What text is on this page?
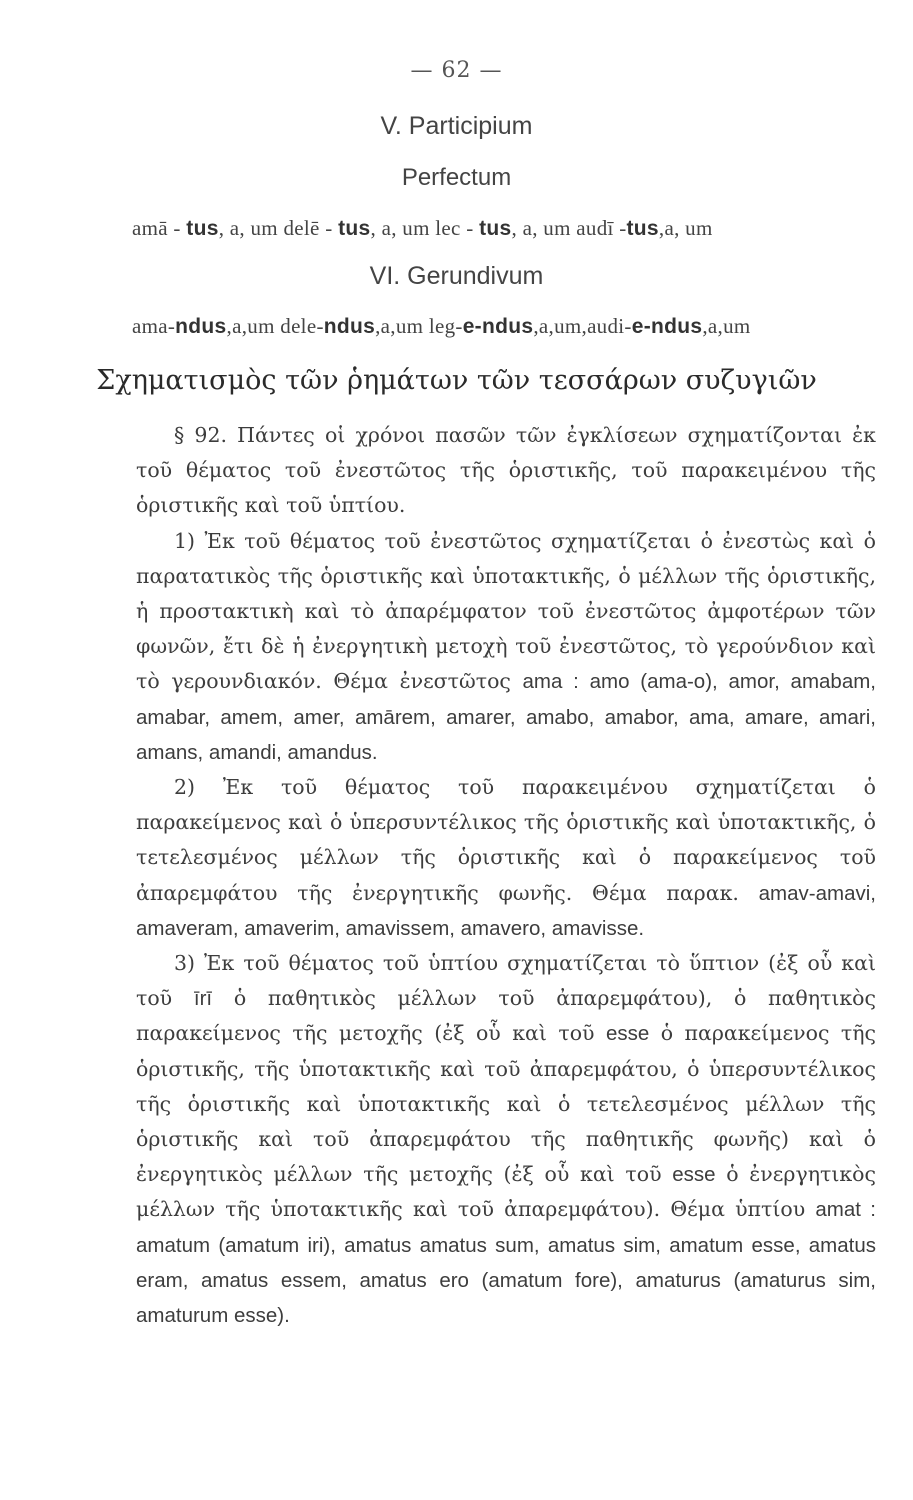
— 62 —
V. Participium
Perfectum
amā - tus, a, um delē - tus, a, um lec - tus, a, um audī -tus,a, um
VI. Gerundivum
ama-ndus,a,um dele-ndus,a,um leg-e-ndus,a,um,audi-e-ndus,a,um
Σχηματισμὸς τῶν ῥημάτων τῶν τεσσάρων συζυγιῶν

§ 92. Πάντες οἱ χρόνοι πασῶν τῶν ἐγκλίσεων σχηματίζονται ἐκ τοῦ θέματος τοῦ ἐνεστῶτος τῆς ὁριστικῆς, τοῦ παρακειμένου τῆς ὁριστικῆς καὶ τοῦ ὑπτίου.

1) Ἐκ τοῦ θέματος τοῦ ἐνεστῶτος σχηματίζεται ὁ ἐνεστὼς καὶ ὁ παρατατικὸς τῆς ὁριστικῆς καὶ ὑποτακτικῆς, ὁ μέλλων τῆς ὁριστικῆς, ἡ προστακτικὴ καὶ τὸ ἀπαρέμφατον τοῦ ἐνεστῶτος ἀμφοτέρων τῶν φωνῶν, ἔτι δὲ ἡ ἐνεργητικὴ μετοχὴ τοῦ ἐνεστῶτος, τὸ γερούνδιον καὶ τὸ γερουνδιακόν. Θέμα ἐνεστῶτος ama : amo (ama-o), amor, amabam, amabar, amem, amer, amārem, amarer, amabo, amabor, ama, amare, amari, amans, amandi, amandus.

2) Ἐκ τοῦ θέματος τοῦ παρακειμένου σχηματίζεται ὁ παρακείμενος καὶ ὁ ὑπερσυντέλικος τῆς ὁριστικῆς καὶ ὑποτακτικῆς, ὁ τετελεσμένος μέλλων τῆς ὁριστικῆς καὶ ὁ παρακείμενος τοῦ ἀπαρεμφάτου τῆς ἐνεργητικῆς φωνῆς. Θέμα παρακ. amav-amavi, amaveram, amaverim, amavissem, amavero, amavisse.

3) Ἐκ τοῦ θέματος τοῦ ὑπτίου σχηματίζεται τὸ ὕπτιον (ἐξ οὗ καὶ τοῦ īrī ὁ παθητικὸς μέλλων τοῦ ἀπαρεμφάτου), ὁ παθητικὸς παρακείμενος τῆς μετοχῆς (ἐξ οὗ καὶ τοῦ esse ὁ παρακείμενος τῆς ὁριστικῆς, τῆς ὑποτακτικῆς καὶ τοῦ ἀπαρεμφάτου, ὁ ὑπερσυντέλικος τῆς ὁριστικῆς καὶ ὑποτακτικῆς καὶ ὁ τετελεσμένος μέλλων τῆς ὁριστικῆς καὶ τοῦ ἀπαρεμφάτου τῆς παθητικῆς φωνῆς) καὶ ὁ ἐνεργητικὸς μέλλων τῆς μετοχῆς (ἐξ οὗ καὶ τοῦ esse ὁ ἐνεργητικὸς μέλλων τῆς ὑποτακτικῆς καὶ τοῦ ἀπαρεμφάτου). Θέμα ὑπτίου amat : amatum (amatum iri), amatus amatus sum, amatus sim, amatum esse, amatus eram, amatus essem, amatus ero (amatum fore), amaturus (amaturus sim, amaturum esse).
